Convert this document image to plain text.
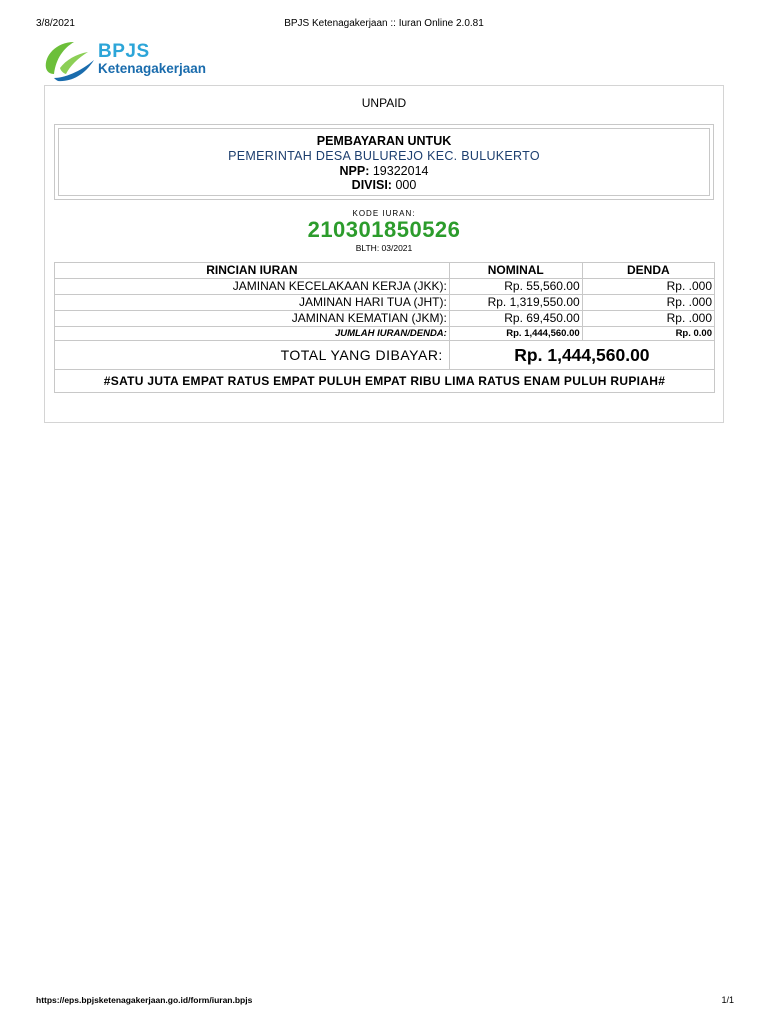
3/8/2021	BPJS Ketenagakerjaan :: Iuran Online 2.0.81
BPJS
Ketenagakerjaan
UNPAID
PEMBAYARAN UNTUK
PEMERINTAH DESA BULUREJO KEC. BULUKERTO
NPP: 19322014
DIVISI: 000
KODE IURAN:
210301850526
BLTH: 03/2021
RINCIAN IURAN	NOMINAL	DENDA
JAMINAN KECELAKAAN KERJA (JKK):	Rp. 55,560.00	Rp. .000
JAMINAN HARI TUA (JHT):	Rp. 1,319,550.00	Rp. .000
JAMINAN KEMATIAN (JKM):	Rp. 69,450.00	Rp. .000
JUMLAH IURAN/DENDA:	Rp. 1,444,560.00	Rp. 0.00
TOTAL YANG DIBAYAR:	Rp. 1,444,560.00	
#SATU JUTA EMPAT RATUS EMPAT PULUH EMPAT RIBU LIMA RATUS ENAM PULUH RUPIAH#		
https://eps.bpjsketenagakerjaan.go.id/form/iuran.bpjs	1/1
